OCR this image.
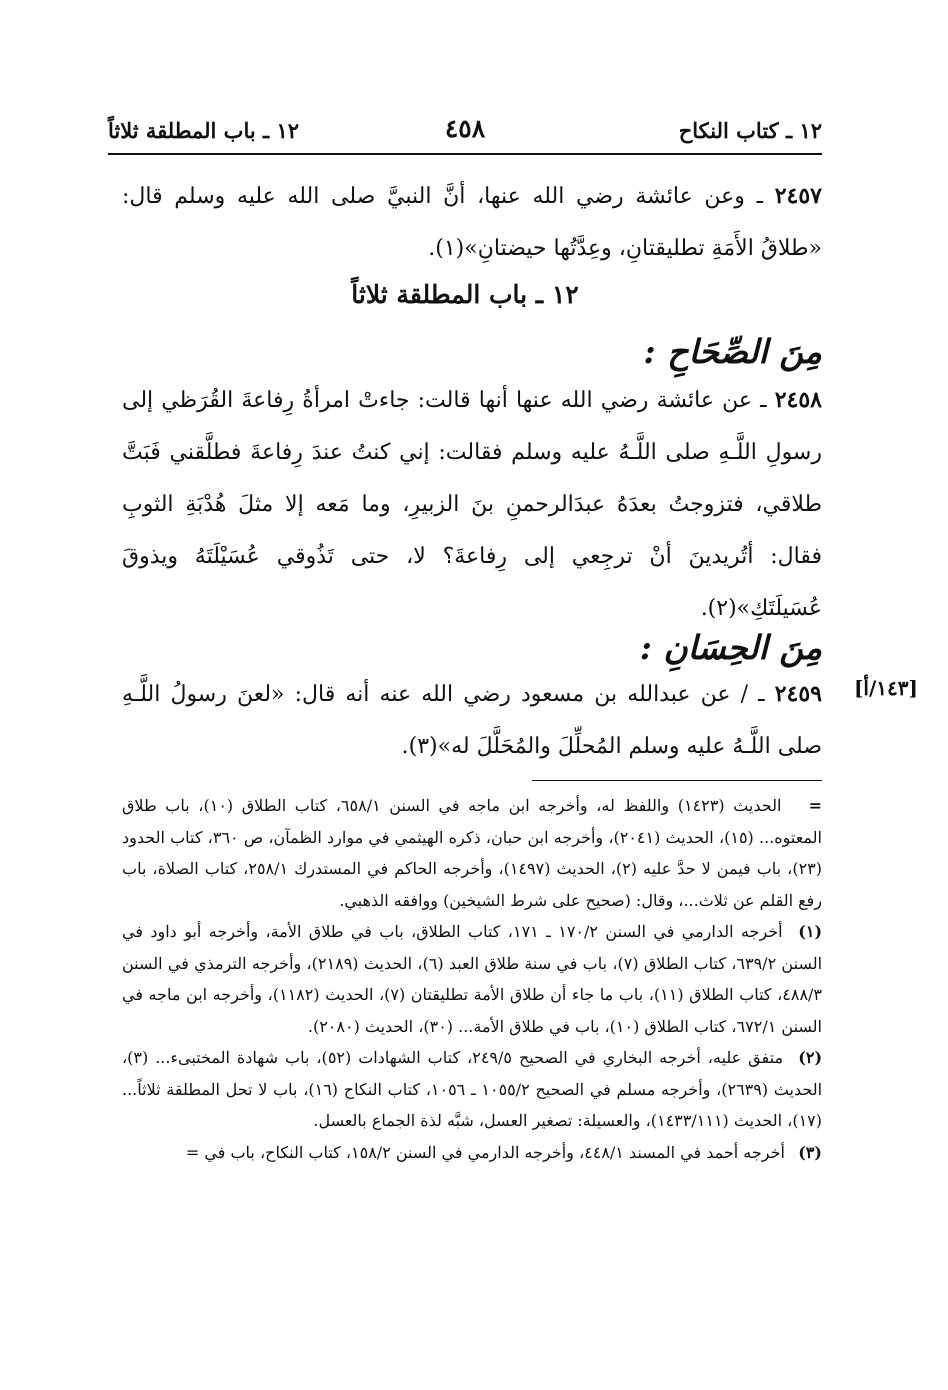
١٢ ـ كتاب النكاح
٤٥٨
١٢ ـ باب المطلقة ثلاثاً
٢٤٥٧ ـ وعن عائشة رضي الله عنها، أنَّ النبيَّ صلى الله عليه وسلم قال: «طلاقُ الأَمَةِ تطليقتانِ، وعِدَّتُها حيضتانِ»(١).
١٢ ـ باب المطلقة ثلاثاً
مِنَ الصِّحَاحِ :
٢٤٥٨ ـ عن عائشة رضي الله عنها أنها قالت: جاءتْ امرأةُ رِفاعةَ القُرَظي إلى رسولِ اللَّـهِ صلى اللَّـهُ عليه وسلم فقالت: إني كنتُ عندَ رِفاعةَ فطلَّقني فَبَتَّ طلاقي، فتزوجتُ بعدَهُ عبدَالرحمنِ بنَ الزبيرِ، وما مَعه إلا مثلَ هُدْبَةِ الثوبِ فقال: أتُريدينَ أنْ ترجِعي إلى رِفاعةَ؟ لا، حتى تَذُوقي عُسَيْلَتَهُ ويذوقَ عُسَيلَتَكِ»(٢).
مِنَ الحِسَانِ :
[١٤٣/أ]
٢٤٥٩ ـ / عن عبدالله بن مسعود رضي الله عنه أنه قال: «لعنَ رسولُ اللَّـهِ صلى اللَّـهُ عليه وسلم المُحلِّلَ والمُحَلَّلَ له»(٣).

= الحديث (١٤٢٣) واللفظ له، وأخرجه ابن ماجه في السنن ٦٥٨/١، كتاب الطلاق (١٠)، باب طلاق المعتوه... (١٥)، الحديث (٢٠٤١)، وأخرجه ابن حبان، ذكره الهيثمي في موارد الظمآن، ص ٣٦٠، كتاب الحدود (٢٣)، باب فيمن لا حدَّ عليه (٢)، الحديث (١٤٩٧)، وأخرجه الحاكم في المستدرك ٢٥٨/١، كتاب الصلاة، باب رفع القلم عن ثلاث...، وقال: (صحيح على شرط الشيخين) ووافقه الذهبي.

(١) أخرجه الدارمي في السنن ١٧٠/٢ ـ ١٧١، كتاب الطلاق، باب في طلاق الأمة، وأخرجه أبو داود في السنن ٦٣٩/٢، كتاب الطلاق (٧)، باب في سنة طلاق العبد (٦)، الحديث (٢١٨٩)، وأخرجه الترمذي في السنن ٤٨٨/٣، كتاب الطلاق (١١)، باب ما جاء أن طلاق الأمة تطليقتان (٧)، الحديث (١١٨٢)، وأخرجه ابن ماجه في السنن ٦٧٢/١، كتاب الطلاق (١٠)، باب في طلاق الأمة... (٣٠)، الحديث (٢٠٨٠).

(٢) متفق عليه، أخرجه البخاري في الصحيح ٢٤٩/٥، كتاب الشهادات (٥٢)، باب شهادة المختبىء... (٣)، الحديث (٢٦٣٩)، وأخرجه مسلم في الصحيح ١٠٥٥/٢ ـ ١٠٥٦، كتاب النكاح (١٦)، باب لا تحل المطلقة ثلاثاً... (١٧)، الحديث (١٤٣٣/١١١)، والعسيلة: تصغير العسل، شبَّه لذة الجماع بالعسل.

(٣) أخرجه أحمد في المسند ٤٤٨/١، وأخرجه الدارمي في السنن ١٥٨/٢، كتاب النكاح، باب في =
